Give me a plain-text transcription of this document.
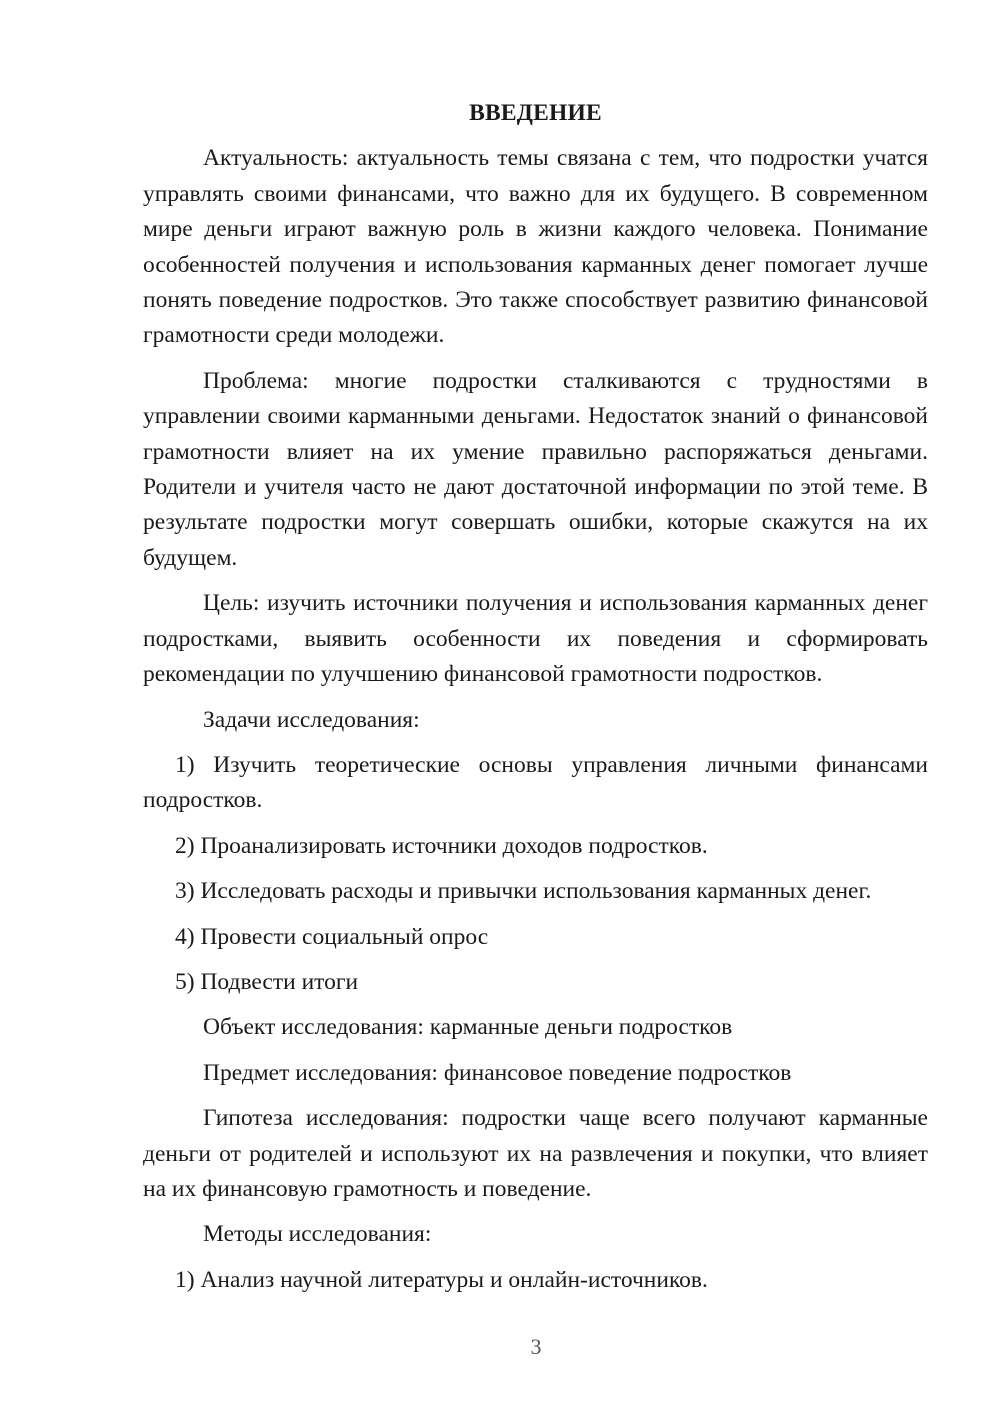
ВВЕДЕНИЕ
Актуальность: актуальность темы связана с тем, что подростки учатся управлять своими финансами, что важно для их будущего. В современном мире деньги играют важную роль в жизни каждого человека. Понимание особенностей получения и использования карманных денег помогает лучше понять поведение подростков. Это также способствует развитию финансовой грамотности среди молодежи.
Проблема: многие подростки сталкиваются с трудностями в управлении своими карманными деньгами. Недостаток знаний о финансовой грамотности влияет на их умение правильно распоряжаться деньгами. Родители и учителя часто не дают достаточной информации по этой теме. В результате подростки могут совершать ошибки, которые скажутся на их будущем.
Цель: изучить источники получения и использования карманных денег подростками, выявить особенности их поведения и сформировать рекомендации по улучшению финансовой грамотности подростков.
Задачи исследования:
1) Изучить теоретические основы управления личными финансами подростков.
2) Проанализировать источники доходов подростков.
3) Исследовать расходы и привычки использования карманных денег.
4) Провести социальный опрос
5) Подвести итоги
Объект исследования: карманные деньги подростков
Предмет исследования: финансовое поведение подростков
Гипотеза исследования: подростки чаще всего получают карманные деньги от родителей и используют их на развлечения и покупки, что влияет на их финансовую грамотность и поведение.
Методы исследования:
1) Анализ научной литературы и онлайн-источников.
3
